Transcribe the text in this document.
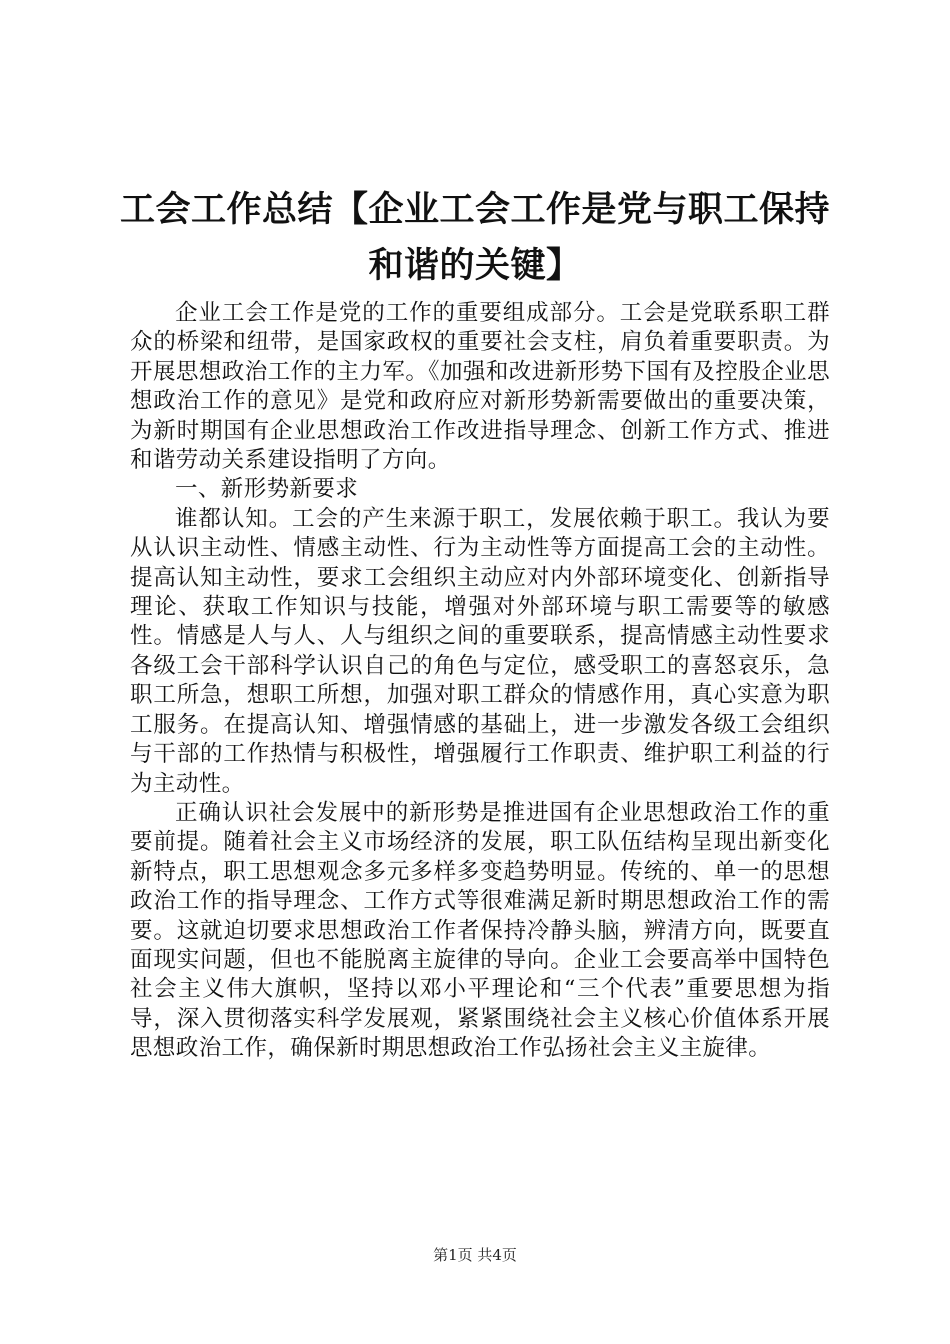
工会工作总结【企业工会工作是党与职工保持
和谐的关键】

企业工会工作是党的工作的重要组成部分。工会是党联系职工群众的桥梁和纽带，是国家政权的重要社会支柱，肩负着重要职责。为开展思想政治工作的主力军。《加强和改进新形势下国有及控股企业思想政治工作的意见》是党和政府应对新形势新需要做出的重要决策，为新时期国有企业思想政治工作改进指导理念、创新工作方式、推进和谐劳动关系建设指明了方向。

一、新形势新要求

谁都认知。工会的产生来源于职工，发展依赖于职工。我认为要从认识主动性、情感主动性、行为主动性等方面提高工会的主动性。提高认知主动性，要求工会组织主动应对内外部环境变化、创新指导理论、获取工作知识与技能，增强对外部环境与职工需要等的敏感性。情感是人与人、人与组织之间的重要联系，提高情感主动性要求各级工会干部科学认识自己的角色与定位，感受职工的喜怒哀乐，急职工所急，想职工所想，加强对职工群众的情感作用，真心实意为职工服务。在提高认知、增强情感的基础上，进一步激发各级工会组织与干部的工作热情与积极性，增强履行工作职责、维护职工利益的行为主动性。

正确认识社会发展中的新形势是推进国有企业思想政治工作的重要前提。随着社会主义市场经济的发展，职工队伍结构呈现出新变化新特点，职工思想观念多元多样多变趋势明显。传统的、单一的思想政治工作的指导理念、工作方式等很难满足新时期思想政治工作的需要。这就迫切要求思想政治工作者保持冷静头脑，辨清方向，既要直面现实问题，但也不能脱离主旋律的导向。企业工会要高举中国特色社会主义伟大旗帜，坚持以邓小平理论和“三个代表”重要思想为指导，深入贯彻落实科学发展观，紧紧围绕社会主义核心价值体系开展思想政治工作，确保新时期思想政治工作弘扬社会主义主旋律。

第1页 共4页
